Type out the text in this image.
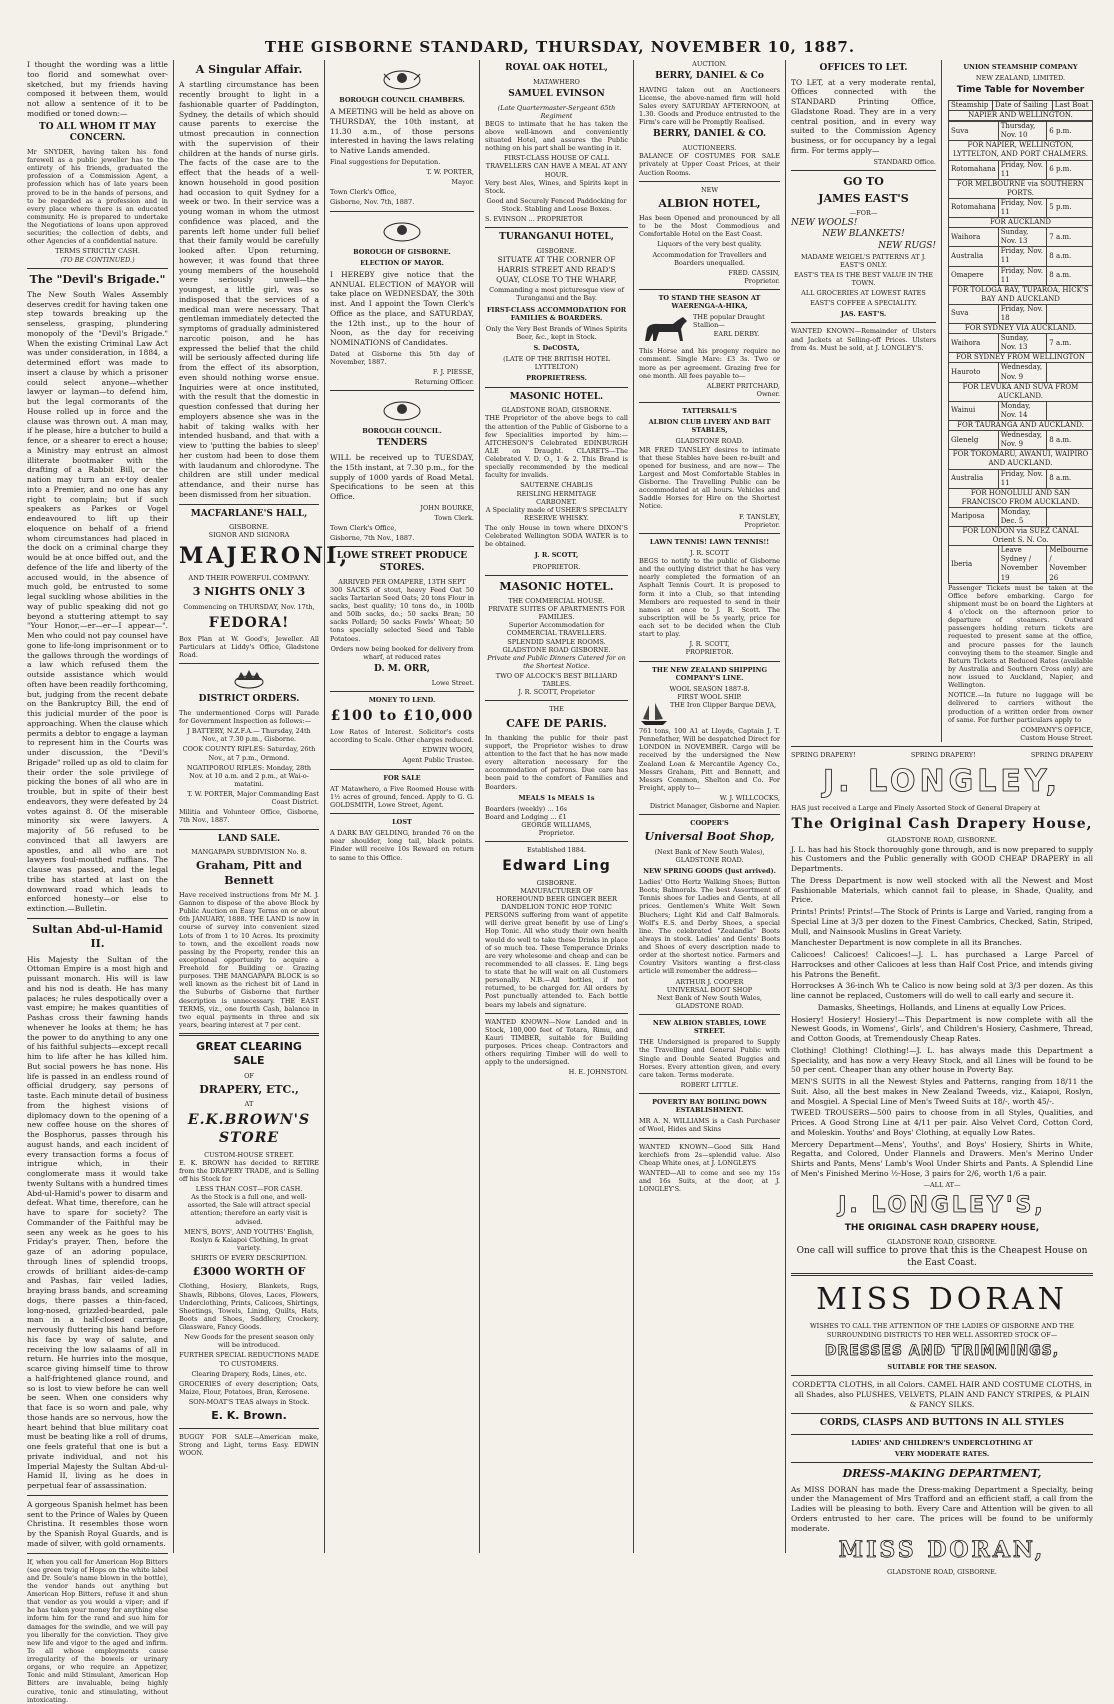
THE GISBORNE STANDARD, THURSDAY, NOVEMBER 10, 1887.

I thought the wording was a little too florid and somewhat over-sketched, but my friends having composed it between them, would not allow a sentence of it to be modified or toned down:—

TO ALL WHOM IT MAY CONCERN.

Mr SNYDER, having taken his fond farewell as a public jeweller has to the entirety of his friends, graduated the profession of a Commission Agent, a profession which has of late years been proved to be in the hands of persons, and to be regarded as a profession and in every place where there is an educated community. He is prepared to undertake the Negotiations of loans upon approved securities; the collection of debts, and other Agencies of a confidential nature.

TERMS STRICTLY CASH.
(TO BE CONTINUED.)
The "Devil's Brigade."

The New South Wales Assembly deserves credit for having taken one step towards breaking up the senseless, grasping, plundering monopoly of the "Devil's Brigade." When the existing Criminal Law Act was under consideration, in 1884, a determined effort was made to insert a clause by which a prisoner could select anyone—whether lawyer or layman—to defend him, but the legal cormorants of the House rolled up in force and the clause was thrown out. A man may, if he please, hire a butcher to build a fence, or a shearer to erect a house; a Ministry may entrust an almost illiterate bootmaker with the drafting of a Rabbit Bill, or the nation may turn an ex-toy dealer into a Premier, and no one has any right to complain; but if such speakers as Parkes or Vogel endeavoured to lift up their eloquence on behalf of a friend whom circumstances had placed in the dock on a criminal charge they would be at once biffed out, and the defence of the life and liberty of the accused would, in the absence of much gold, be entrusted to some legal suckling whose abilities in the way of public speaking did not go beyond a stuttering attempt to say "Your Honor,—er—er—I appear—". Men who could not pay counsel have gone to life-long imprisonment or to the gallows through the wordings of a law which refused them the outside assistance which would often have been readily forthcoming, but, judging from the recent debate on the Bankruptcy Bill, the end of this judicial murder of the poor is approaching. When the clause which permits a debtor to engage a layman to represent him in the Courts was under discussion, the "Devil's Brigade" rolled up as old to claim for their order the sole privilege of picking the bones of all who are in trouble, but in spite of their best endeavors, they were defeated by 24 votes against 8. Of the miserable minority six were lawyers. A majority of 56 refused to be convinced that all lawyers are apostles, and all who are not lawyers foul-mouthed ruffians. The clause was passed, and the legal tribe has started at last on the downward road which leads to enforced honesty—or else to extinction.—Bulletin.

Sultan Abd-ul-Hamid II.

His Majesty the Sultan of the Ottoman Empire is a most high and puissant monarch. His will is law and his nod is death. He has many palaces; he rules despotically over a vast empire; he makes quantities of Pashas cross their fawning hands whenever he looks at them; he has the power to do anything to any one of his faithful subjects—except recall him to life after he has killed him. But social powers he has none. His life is passed in an endless round of official drudgery, say persons of taste. Each minute detail of business from the highest visions of diplomacy down to the opening of a new coffee house on the shores of the Bosphorus, passes through his august hands, and each incident of every transaction forms a focus of intrigue which, in their conglomerate mass it would take twenty Sultans with a hundred times Abd-ul-Hamid's power to disarm and defeat. What time, therefore, can he have to spare for society? The Commander of the Faithful may be seen any week as he goes to his Friday's prayer. Then, before the gaze of an adoring populace, through lines of splendid troops, crowds of brilliant aides-de-camp and Pashas, fair veiled ladies, braying brass bands, and screaming dogs, there passes a thin-faced, long-nosed, grizzled-bearded, pale man in a half-closed carriage, nervously fluttering his hand before his face by way of salute, and receiving the low salaams of all in return. He hurries into the mosque, scarce giving himself time to throw a half-frightened glance round, and so is lost to view before he can well be seen. When one considers why that face is so worn and pale, why those hands are so nervous, how the heart behind that blue military coat must be beating like a roll of drums, one feels grateful that one is but a private individual, and not his Imperial Majesty the Sultan Abd-ul-Hamid II, living as he does in perpetual fear of assassination.

A gorgeous Spanish helmet has been sent to the Prince of Wales by Queen Christina. It resembles those worn by the Spanish Royal Guards, and is made of silver, with gold ornaments.

If, when you call for American Hop Bitters (see green twig of Hops on the white label and Dr. Soule's name blown in the bottle), the vendor hands out anything but American Hop Bitters, refuse it and shun that vendor as you would a viper; and if he has taken your money for anything else inform him for the rand and sue him for damages for the swindle, and we will pay you liberally for the conviction. They give new life and vigor to the aged and infirm. To all whose employments cause irregularity of the bowels or urinary organs, or who require an Appetizer, Tonic and mild Stimulant, American Hop Bitters are invaluable, being highly curative, tonic and stimulating, without intoxicating.

A Singular Affair.

A startling circumstance has been recently brought to light in a fashionable quarter of Paddington, Sydney, the details of which should cause parents to exercise the utmost precaution in connection with the supervision of their children at the hands of nurse girls. The facts of the case are to the effect that the heads of a well-known household in good position had occasion to quit Sydney for a week or two. In their service was a young woman in whom the utmost confidence was placed, and the parents left home under full belief that their family would be carefully looked after. Upon returning, however, it was found that three young members of the household were seriously unwell—the youngest, a little girl, was so indisposed that the services of a medical man were necessary. That gentleman immediately detected the symptoms of gradually administered narcotic poison, and he has expressed the belief that the child will be seriously affected during life from the effect of its absorption, even should nothing worse ensue. Inquiries were at once instituted, with the result that the domestic in question confessed that during her employers absence she was in the habit of taking walks with her intended husband, and that with a view to 'putting the babies to sleep' her custom had been to dose them with laudanum and chlorodyne. The children are still under medical attendance, and their nurse has been dismissed from her situation.

MACFARLANE'S HALL,
GISBORNE.
SIGNOR AND SIGNORA
MAJERONI,
AND THEIR POWERFUL COMPANY.
3 NIGHTS ONLY 3
Commencing on THURSDAY, Nov. 17th,
FEDORA!

Box Plan at W. Good's, Jeweller. All Particulars at Liddy's Office, Gladstone Road.

DISTRICT ORDERS.

The undermentioned Corps will Parade for Government Inspection as follows:—

J BATTERY, N.Z.F.A.— Thursday, 24th Nov., at 7.30 p.m., Gisborne.

COOK COUNTY RIFLES: Saturday, 26th Nov., at 7 p.m., Ormond.

NGATIPOROU RIFLES: Monday, 28th Nov. at 10 a.m. and 2 p.m., at Wai-o-matatini.

T. W. PORTER, Major Commanding East Coast District.

Militia and Volunteer Office, Gisborne, 7th Nov., 1887.

LAND SALE.
MANGAPAPA SUBDIVISION No. 8.
Graham, Pitt and Bennett

Have received instructions from Mr M. J. Gannon to dispose of the above Block by Public Auction on Easy Terms on or about 6th JANUARY, 1888. THE LAND is now in course of survey into convenient sized Lots of from 1 to 10 Acres. Its proximity to town, and the excellent roads now passing by the Property, render this an exceptional opportunity to acquire a Freehold for Building or Grazing purposes. THE MANGAPAPA BLOCK is so well known as the richest bit of Land in the Suburbs of Gisborne that further description is unnecessary. THE EAST TERMS, viz., one fourth Cash, balance in two equal payments in three and six years, bearing interest at 7 per cent.

GREAT CLEARING SALE
OF
DRAPERY, ETC.,
AT
E.K.BROWN'S STORE
CUSTOM-HOUSE STREET.

E. K. BROWN has decided to RETIRE from the DRAPERY TRADE, and is Selling off his Stock for

LESS THAN COST—FOR CASH.

As the Stock is a full one, and well-assorted, the Sale will attract special attention; therefore an early visit is advised.

MEN'S, BOYS', AND YOUTHS' English, Roslyn & Kaiapoi Clothing, In great variety.

SHIRTS OF EVERY DESCRIPTION.
£3000 WORTH OF

Clothing, Hosiery, Blankets, Rugs, Shawls, Ribbons, Gloves, Laces, Flowers, Underclothing, Prints, Calicoes, Shirtings, Sheetings, Towels, Lining, Quilts, Hats, Boots and Shoes, Saddlery, Crockery, Glassware, Fancy Goods.

New Goods for the present season only will be introduced.

FURTHER SPECIAL REDUCTIONS MADE TO CUSTOMERS.

Clearing Drapery, Rods, Lines, etc.

GROCERIES of every description; Oats, Maize, Flour, Potatoes, Bran, Kerosene.

SON-MOAT'S TEAS always in Stock.

E. K. Brown.

BUGGY FOR SALE—American make, Strong and Light, terms Easy. EDWIN WOON.

BOROUGH COUNCIL CHAMBERS.

A MEETING will be held as above on THURSDAY, the 10th instant, at 11.30 a.m., of those persons interested in having the laws relating to Native Lands amended.

Final suggestions for Deputation.

T. W. PORTER,

Mayor.

Town Clerk's Office,

Gisborne, Nov. 7th, 1887.

BOROUGH OF GISBORNE.
ELECTION OF MAYOR.

I HEREBY give notice that the ANNUAL ELECTION of MAYOR will take place on WEDNESDAY, the 30th inst. And I appoint the Town Clerk's Office as the place, and SATURDAY, the 12th inst., up to the hour of Noon, as the day for receiving NOMINATIONS of Candidates.

Dated at Gisborne this 5th day of November, 1887.

F. J. PIESSE,

Returning Officer.

BOROUGH COUNCIL.
TENDERS

WILL be received up to TUESDAY, the 15th instant, at 7.30 p.m., for the supply of 1000 yards of Road Metal. Specifications to be seen at this Office.

JOHN BOURKE,

Town Clerk.

Town Clerk's Office,

Gisborne, 7th Nov., 1887.

LOWE STREET PRODUCE STORES.
ARRIVED PER OMAPERE, 13TH SEPT

300 SACKS of stout, heavy Feed Oat 50 sacks Tartarian Seed Oats; 20 tons Flour in sacks, best quality; 10 tons do., in 100lb and 50lb sacks, do.; 50 sacks Bran; 50 sacks Pollard; 50 sacks Fowls' Wheat; 50 tons specially selected Seed and Table Potatoes.

Orders now being booked for delivery from wharf, at reduced rates

D. M. ORR,
Lowe Street.
MONEY TO LEND.
£100 to £10,000

Low Rates of Interest. Solicitor's costs according to Scale. Other charges reduced.

EDWIN WOON,

Agent Public Trustee.

FOR SALE

AT Matawhero, a Five Roomed House with 1½ acres of ground, fenced. Apply to G. G. GOLDSMITH, Lowe Street, Agent.

LOST

A DARK BAY GELDING, branded 76 on the near shoulder, long tail, black points. Finder will receive 10s Reward on return to same to this Office.

ROYAL OAK HOTEL,
MATAWHERO
SAMUEL EVINSON
(Late Quartermaster-Sergeant 65th Regiment

BEGS to intimate that he has taken the above well-known and conveniently situated Hotel, and assures the Public nothing on his part shall be wanting in it.

FIRST-CLASS HOUSE OF CALL
TRAVELLERS CAN HAVE A MEAL AT ANY HOUR.

Very best Ales, Wines, and Spirits kept in Stock.

Good and Securely Fenced Paddocking for Stock. Stabling and Loose Boxes.

S. EVINSON ... PROPRIETOR
TURANGANUI HOTEL,
GISBORNE.

SITUATE AT THE CORNER OF HARRIS STREET AND READ'S QUAY, CLOSE TO THE WHARF,

Commanding a most picturesque view of Turanganui and the Bay.

FIRST-CLASS ACCOMMODATION FOR FAMILIES & BOARDERS.

Only the Very Best Brands of Wines Spirits Beer, &c., kept in Stock.

S. DeCOSTA,
(LATE OF THE BRITISH HOTEL LYTTELTON)
PROPRIETRESS.
MASONIC HOTEL.
GLADSTONE ROAD, GISBORNE.

THE Proprietor of the above begs to call the attention of the Public of Gisborne to a few Specialities imported by him:— AITCHESON'S Celebrated EDINBURGH ALE on Draught. CLARETS—The Celebrated V. D. O., 1 & 2. This Brand is specially recommended by the medical faculty for invalids.

SAUTERNE CHABLIS
REISLING HERMITAGE
CARBONET.

A Speciality made of USHER'S SPECIALTY RESERVE WHISKY.

The only House in town where DIXON'S Celebrated Wellington SODA WATER is to be obtained.

J. R. SCOTT,
PROPRIETOR.
MASONIC HOTEL.
THE COMMERCIAL HOUSE.
PRIVATE SUITES OF APARTMENTS FOR FAMILIES.
Superior Accommodation for COMMERCIAL TRAVELLERS.
SPLENDID SAMPLE ROOMS.
GLADSTONE ROAD GISBORNE.

Private and Public Dinners Catered for on the Shortest Notice.

TWO OF ALCOCK'S BEST BILLIARD TABLES.
J. R. SCOTT, Proprietor
THE
CAFE DE PARIS.

In thanking the public for their past support, the Proprietor wishes to draw attention to the fact that he has now made every alteration necessary for the accommodation of patrons. Due care has been paid to the comfort of Families and Boarders.

MEALS 1s MEALS 1s
Boarders (weekly) ... 16s
Board and Lodging ... £1
GEORGE WILLIAMS,
Proprietor.
Established 1884.
Edward Ling
GISBORNE.
MANUFACTURER OF
HOREHOUND BEER GINGER BEER
DANDELION TONIC HOP TONIC

PERSONS suffering from want of appetite will derive great benefit by use of Ling's Hop Tonic. All who study their own health would do well to take these Drinks in place of so much tea. These Temperance Drinks are very wholesome and cheap and can be recommended to all classes. E. Ling begs to state that he will wait on all Customers personally. N.B.—All bottles, if not returned, to be charged for. All orders by Post punctually attended to. Each bottle bears my labels and signature.

WANTED KNOWN—Now Landed and in Stock, 100,000 feet of Totara, Rimu, and Kauri TIMBER, suitable for Building purposes. Prices cheap. Contractors and others requiring Timber will do well to apply to the undersigned.

H. E. JOHNSTON.
AUCTION.
BERRY, DANIEL & Co

HAVING taken out an Auctioneers License, the above-named firm will hold Sales every SATURDAY AFTERNOON, at 1.30. Goods and Produce entrusted to the Firm's care will be Promptly Realised.

BERRY, DANIEL & CO.
AUCTIONEERS.

BALANCE OF COSTUMES FOR SALE privately at Upper Coast Prices, at their Auction Rooms.

NEW
ALBION HOTEL,

Has been Opened and pronounced by all to be the Most Commodious and Comfortable Hotel on the East Coast.

Liquors of the very best quality.

Accommodation for Travellers and Boarders unequalled.

FRED. CASSIN,
Proprietor.
TO STAND THE SEASON AT WAERENGA-A-HIKA,
THE popular Draught Stallion—
EARL DERBY.

This Horse and his progeny require no comment. Single Mare: £3 3s. Two or more as per agreement. Grazing free for one month. All fees payable to—

ALBERT PRITCHARD,
Owner.
TATTERSALL'S
ALBION CLUB LIVERY AND BAIT STABLES,
GLADSTONE ROAD.

MR FRED TANSLEY desires to intimate that these Stables have been re-built and opened for business, and are now— The Largest and Most Comfortable Stables in Gisborne. The Travelling Public can be accommodated at all hours. Vehicles and Saddle Horses for Hire on the Shortest Notice.

F. TANSLEY,
Proprietor.
LAWN TENNIS! LAWN TENNIS!!
J. R. SCOTT

BEGS to notify to the public of Gisborne and the outlying district that he has very nearly completed the formation of an Asphalt Tennis Court. It is proposed to form it into a Club, so that intending Members are requested to send in their names at once to J. R. Scott. The subscription will be 5s yearly, price for each set to be decided when the Club start to play.

J. R. SCOTT,
PROPRIETOR.
THE NEW ZEALAND SHIPPING COMPANY'S LINE.
WOOL SEASON 1887-8.
FIRST WOOL SHIP.
THE Iron Clipper Barque DEVA,

761 tons, 100 A1 at Lloyds, Captain J. T. Pennefather, Will be despatched Direct for LONDON in NOVEMBER. Cargo will be received by the undersigned the New Zealand Loan & Mercantile Agency Co., Messrs Graham, Pitt and Bennett, and Messrs Common, Shelton and Co. For Freight, apply to—

W. J. WILLCOCKS,
District Manager, Gisborne and Napier.
COOPER'S
Universal Boot Shop,
(Next Bank of New South Wales),
GLADSTONE ROAD.
NEW SPRING GOODS (Just arrived).

Ladies' Otto Hertz Walking Shoes; Button Boots; Balmorals. The best Assortment of Tennis shoes for Ladies and Gents, at all prices. Gentlemen's White Welt Sewn Bluchers; Light Kid and Calf Balmorals. Wolf's E.S. and Derby Shoes, a special line. The celebrated "Zealandia" Boots always in stock. Ladies' and Gents' Boots and Shoes of every description made to order at the shortest notice. Farmers and Country Visitors wanting a first-class article will remember the address—

ARTHUR J. COOPER
UNIVERSAL BOOT SHOP
Next Bank of New South Wales,
GLADSTONE ROAD.
NEW ALBION STABLES, LOWE STREET.

THE Undersigned is prepared to Supply the Travelling and General Public with Single and Double Seated Buggies and Horses. Every attention given, and every care taken. Terms moderate.

ROBERT LITTLE.
POVERTY BAY BOILING DOWN ESTABLISHMENT.

MR A. N. WILLIAMS is a Cash Purchaser of Wool, Hides and Skins

WANTED KNOWN—Good Silk Hand kerchiefs from 2s—splendid value. Also Cheap White ones, at J. LONGLEYS

WANTED—All to come and see my 15s and 16s Suits, at the door, at J. LONGLEY'S.

OFFICES TO LET.

TO LET, at a very moderate rental, Offices connected with the STANDARD Printing Office, Gladstone Road. They are in a very central position, and in every way suited to the Commission Agency business, or for occupancy by a legal firm. For terms apply—

STANDARD Office.
GO TO
JAMES EAST'S
—FOR—
NEW WOOLS!
NEW BLANKETS!
NEW RUGS!

MADAME WEIGEL'S PATTERNS AT J. EAST'S ONLY.

EAST'S TEA IS THE BEST VALUE IN THE TOWN.

ALL GROCERIES AT LOWEST RATES

EAST'S COFFEE A SPECIALITY.

JAS. EAST'S.

WANTED KNOWN—Remainder of Ulsters and Jackets at Selling-off Prices. Ulsters from 4s. Must be sold, at J. LONGLEY'S.

UNION STEAMSHIP COMPANY
NEW ZEALAND, LIMITED.
Time Table for November
Steamship	Date of Sailing	Last Boat
NAPIER AND WELLINGTON.
Suva	Thursday, Nov. 10	6 p.m.
FOR NAPIER, WELLINGTON, LYTTELTON, AND PORT CHALMERS.		
Rotomahana	Friday, Nov. 11	6 p.m.
FOR MELBOURNE via SOUTHERN PORTS.		
Rotomahana	Friday, Nov. 11	5 p.m.
FOR AUCKLAND		
Waihora	Sunday, Nov. 13	7 a.m.
Australia	Friday, Nov. 11	8 a.m.
Omapere	Friday, Nov. 11	8 a.m.
FOR TOLOGA BAY, TUPAROA, HICK'S BAY AND AUCKLAND		
Suva	Friday, Nov. 18	
FOR SYDNEY VIA AUCKLAND.		
Waihora	Sunday, Nov. 13	7 a.m.
FOR SYDNEY FROM WELLINGTON		
Hauroto	Wednesday, Nov. 9	
FOR LEVUKA AND SUVA FROM AUCKLAND.		
Wainui	Monday, Nov. 14	
FOR TAURANGA AND AUCKLAND.		
Glenelg	Wednesday, Nov. 9	8 a.m.
FOR TOKOMARU, AWANUI, WAIPIRO AND AUCKLAND.		
Australia	Friday, Nov. 11	8 a.m.
FOR HONOLULU AND SAN FRANCISCO FROM AUCKLAND.		
Mariposa	Monday, Dec. 5	
FOR LONDON via SUEZ CANAL Orient S. N. Co.		
Iberia	Leave Sydney / November 19	Melbourne / November 26

Passenger Tickets must be taken at the Office before embarking. Cargo for shipment must be on board the Lighters at 4 o'clock on the afternoon prior to departure of steamers. Outward passengers holding return tickets are requested to present same at the office, and procure passes for the launch conveying them to the steamer. Single and Return Tickets at Reduced Rates (available by Australia and Southern Cross only) are now issued to Auckland, Napier, and Wellington.

NOTICE.—In future no luggage will be delivered to carriers without the production of a written order from owner of same. For further particulars apply to

COMPANY'S OFFICE,
Custom House Street.
SPRING DRAPERY!	SPRING DRAPERY!	SPRING DRAPERY
J. LONGLEY,

HAS just received a Large and Finely Assorted Stock of General Drapery at

The Original Cash Drapery House,
GLADSTONE ROAD, GISBORNE.

J. L. has had his Stock thoroughly gone through, and is now prepared to supply his Customers and the Public generally with GOOD CHEAP DRAPERY in all Departments.

The Dress Department is now well stocked with all the Newest and Most Fashionable Materials, which cannot fail to please, in Shade, Quality, and Price.

Prints! Prints! Prints!—The Stock of Prints is Large and Varied, ranging from a Special Line at 3/3 per dozen to the Finest Cambrics, Checked, Satin, Striped, Mull, and Nainsook Muslins in Great Variety.

Manchester Department is now complete in all its Branches.

Calicoes! Calicoes! Calicoes!—J. L. has purchased a Large Parcel of Harrockses and other Calicoes at less than Half Cost Price, and intends giving his Patrons the Benefit.

Horrockses A 36-inch Wh te Calico is now being sold at 3/3 per dozen. As this line cannot be replaced, Customers will do well to call early and secure it.

Damasks, Sheetings, Hollands, and Linens at equally Low Prices.

Hosiery! Hosiery! Hosiery!—This Department is now complete with all the Newest Goods, in Womens', Girls', and Children's Hosiery, Cashmere, Thread, and Cotton Goods, at Tremendously Cheap Rates.

Clothing! Clothing! Clothing!—J. L. has always made this Department a Speciality, and has now a very Heavy Stock, and all Lines will be found to be 50 per cent. Cheaper than any other house in Poverty Bay.

MEN'S SUITS in all the Newest Styles and Patterns, ranging from 18/11 the Suit. Also, all the best makes in New Zealand Tweeds, viz., Kaiapoi, Roslyn, and Mosgiel. A Special Line of Men's Tweed Suits at 18/-, worth 45/-.

TWEED TROUSERS—500 pairs to choose from in all Styles, Qualities, and Prices. A Good Strong Line at 4/11 per pair. Also Velvet Cord, Cotton Cord, and Moleskin. Youths' and Boys' Clothing, at equally Low Rates.

Mercery Department—Mens', Youths', and Boys' Hosiery, Shirts in White, Regatta, and Colored, Under Flannels and Drawers. Men's Merino Under Shirts and Pants, Mens' Lamb's Wool Under Shirts and Pants. A Splendid Line of Men's Finished Merino ½-Hose, 3 pairs for 2/6, worth 1/6 a pair.

—ALL AT—
J. LONGLEY'S,
THE ORIGINAL CASH DRAPERY HOUSE,
GLADSTONE ROAD, GISBORNE.
One call will suffice to prove that this is the Cheapest House on the East Coast.
MISS DORAN

WISHES TO CALL THE ATTENTION OF THE LADIES OF GISBORNE AND THE SURROUNDING DISTRICTS TO HER WELL ASSORTED STOCK OF—

DRESSES AND TRIMMINGS,
SUITABLE FOR THE SEASON.

CORDETTA CLOTHS, in all Colors. CAMEL HAIR AND COSTUME CLOTHS, in all Shades, also PLUSHES, VELVETS, PLAIN AND FANCY STRIPES, & PLAIN & FANCY SILKS.

CORDS, CLASPS AND BUTTONS IN ALL STYLES
LADIES' AND CHILDREN'S UNDERCLOTHING AT
VERY MODERATE RATES.
DRESS-MAKING DEPARTMENT,

As MISS DORAN has made the Dress-making Department a Specialty, being under the Management of Mrs Trafford and an efficient staff, a call from the Ladies will be pleasing to both. Every Care and Attention will be given to all Orders entrusted to her care. The prices will be found to be uniformly moderate.

MISS DORAN,
GLADSTONE ROAD, GISBORNE.
